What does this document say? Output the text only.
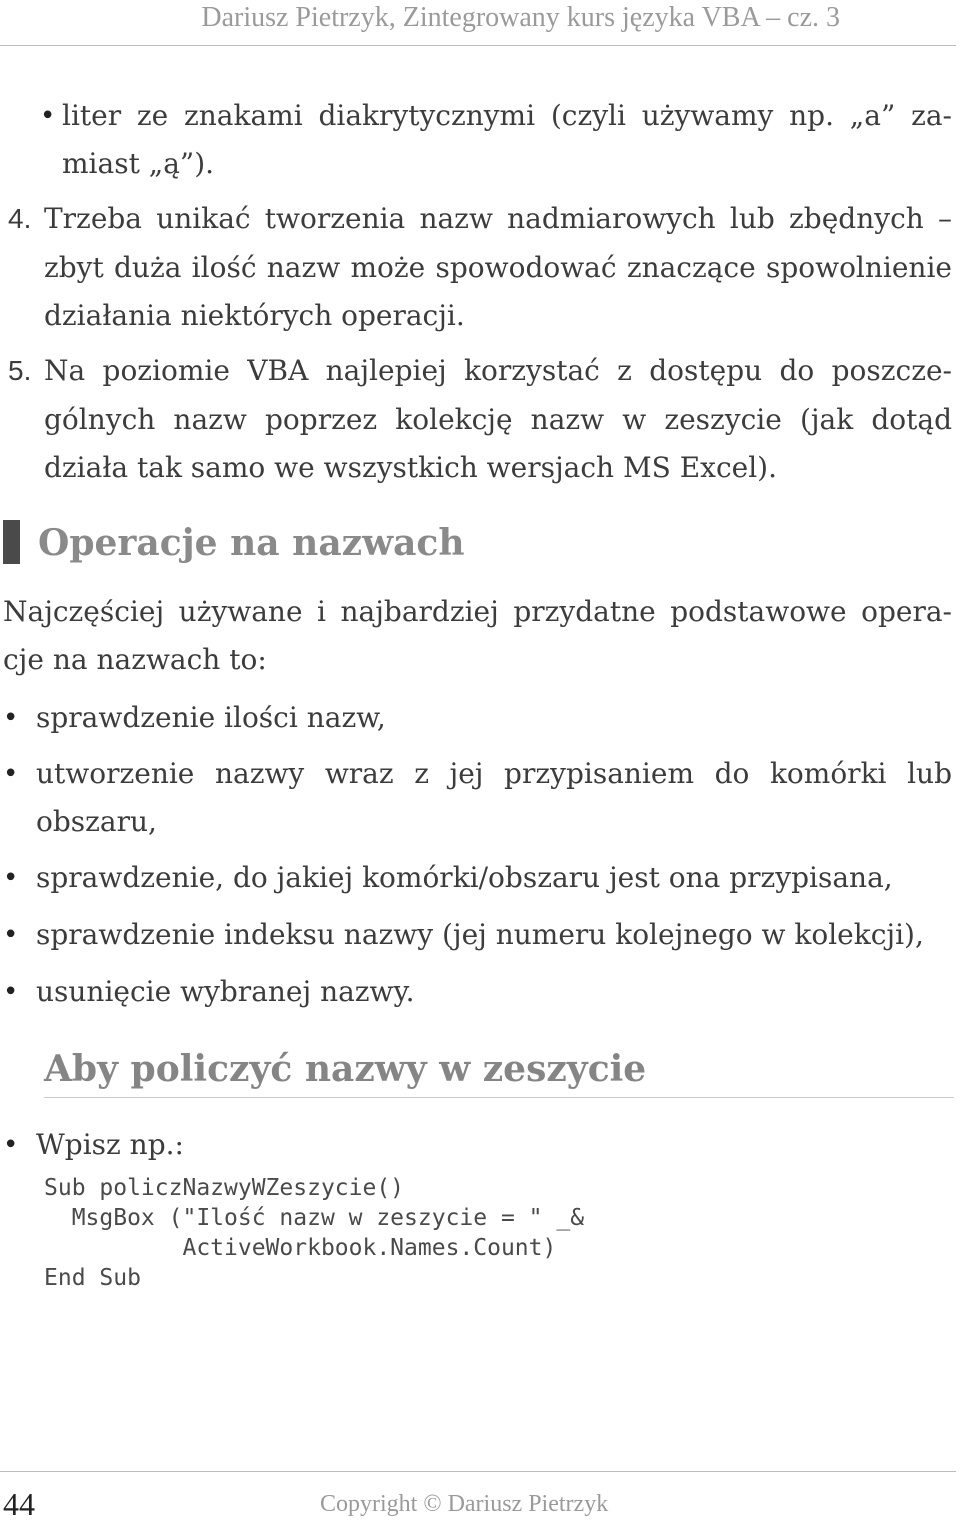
Dariusz Pietrzyk, Zintegrowany kurs języka VBA – cz. 3
• liter ze znakami diakrytycznymi (czyli używamy np. „a” za-
miast „ą”).
4. Trzeba unikać tworzenia nazw nadmiarowych lub zbędnych –
zbyt duża ilość nazw może spowodować znaczące spowolnienie
działania niektórych operacji.
5. Na poziomie VBA najlepiej korzystać z dostępu do poszcze-
gólnych nazw poprzez kolekcję nazw w zeszycie (jak dotąd
działa tak samo we wszystkich wersjach MS Excel).
Operacje na nazwach
Najczęściej używane i najbardziej przydatne podstawowe opera-
cje na nazwach to:
• sprawdzenie ilości nazw,
• utworzenie nazwy wraz z jej przypisaniem do komórki lub
obszaru,
• sprawdzenie, do jakiej komórki/obszaru jest ona przypisana,
• sprawdzenie indeksu nazwy (jej numeru kolejnego w kolekcji),
• usunięcie wybranej nazwy.
Aby policzyć nazwy w zeszycie
• Wpisz np.:
Sub policzNazwyWZeszycie()
MsgBox ("Ilość nazw w zeszycie = " _&
ActiveWorkbook.Names.Count)
End Sub
44	Copyright © Dariusz Pietrzyk
